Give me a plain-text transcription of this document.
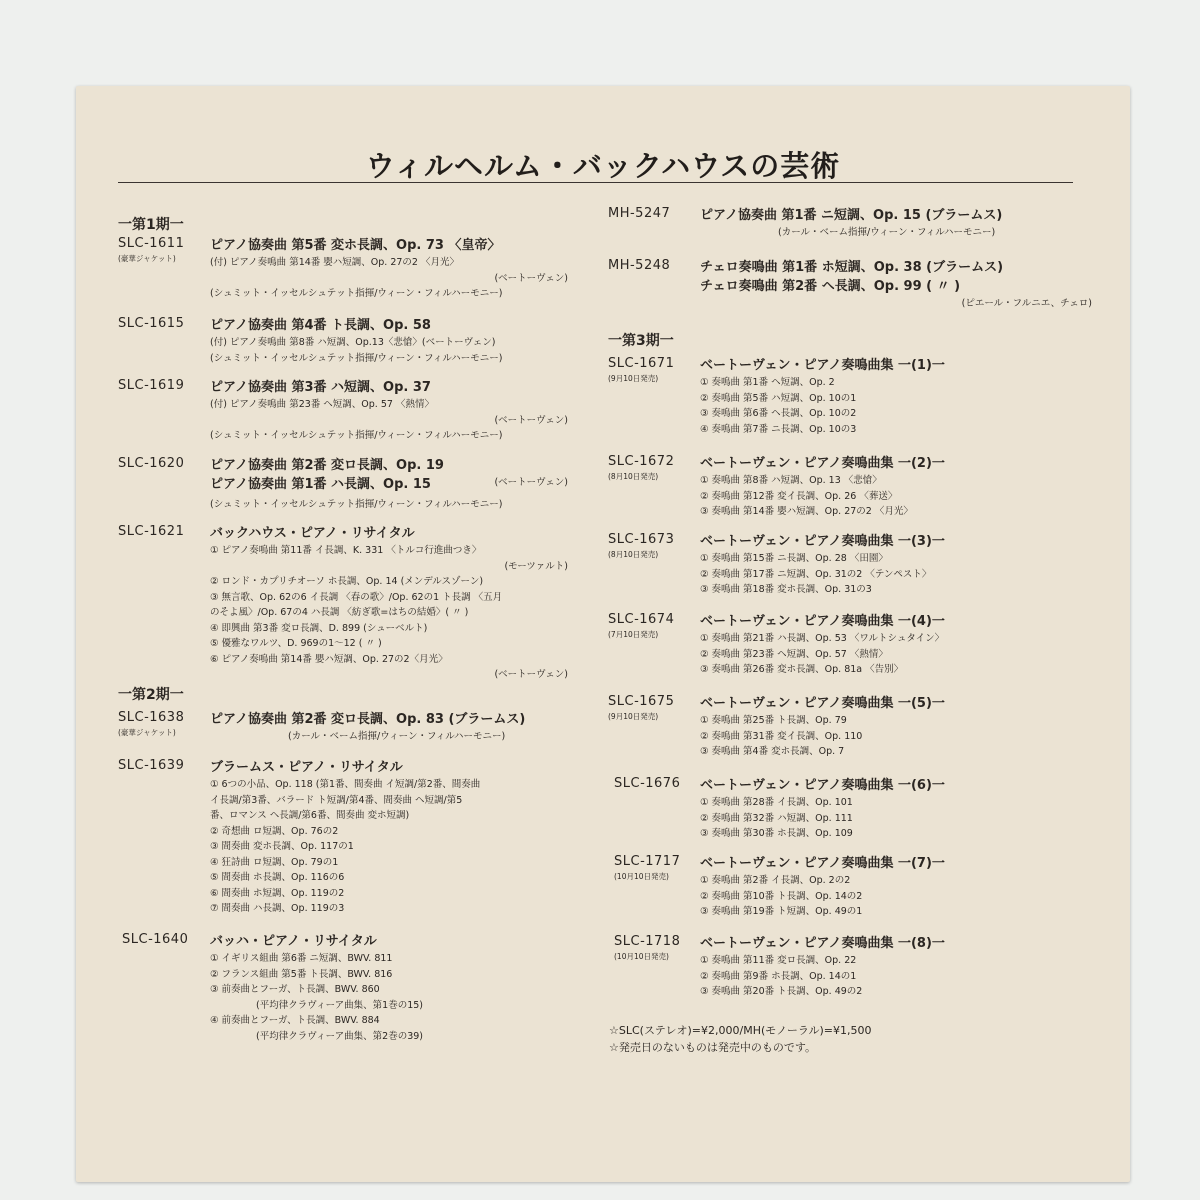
ウィルヘルム・バックハウスの芸術
一第1期一
SLC-1611
(豪華ジャケット)
ピアノ協奏曲 第5番 変ホ長調、Op. 73 〈皇帝〉
(付) ピアノ奏鳴曲 第14番 嬰ハ短調、Op. 27の2 〈月光〉
(ベートーヴェン)
(シュミット・イッセルシュテット指揮/ウィーン・フィルハーモニー)
SLC-1615 ピアノ協奏曲 第4番 ト長調、Op. 58
(付) ピアノ奏鳴曲 第8番 ハ短調、Op.13〈悲愴〉(ベートーヴェン)
(シュミット・イッセルシュテット指揮/ウィーン・フィルハーモニー)
SLC-1619 ピアノ協奏曲 第3番 ハ短調、Op. 37
(付) ピアノ奏鳴曲 第23番 ヘ短調、Op. 57 〈熱情〉
(ベートーヴェン)
(シュミット・イッセルシュテット指揮/ウィーン・フィルハーモニー)
SLC-1620 ピアノ協奏曲 第2番 変ロ長調、Op. 19
ピアノ協奏曲 第1番 ハ長調、Op. 15	(ベートーヴェン)
(シュミット・イッセルシュテット指揮/ウィーン・フィルハーモニー)
SLC-1621 バックハウス・ピアノ・リサイタル
① ピアノ奏鳴曲 第11番 イ長調、K. 331 〈トルコ行進曲つき〉
(モーツァルト)
② ロンド・カプリチオーソ ホ長調、Op. 14 (メンデルスゾーン)
③ 無言歌、Op. 62の6 イ長調 〈春の歌〉/Op. 62の1 ト長調 〈五月
のそよ風〉/Op. 67の4 ハ長調 〈紡ぎ歌=はちの結婚〉( 〃 )
④ 即興曲 第3番 変ロ長調、D. 899 (シューベルト)
⑤ 優雅なワルツ、D. 969の1〜12 ( 〃 )
⑥ ピアノ奏鳴曲 第14番 嬰ハ短調、Op. 27の2〈月光〉
(ベートーヴェン)
一第2期一
SLC-1638
(豪華ジャケット)
ピアノ協奏曲 第2番 変ロ長調、Op. 83 (ブラームス)
(カール・ベーム指揮/ウィーン・フィルハーモニー)
SLC-1639 ブラームス・ピアノ・リサイタル
① 6つの小品、Op. 118 (第1番、間奏曲 イ短調/第2番、間奏曲
イ長調/第3番、バラード ト短調/第4番、間奏曲 ヘ短調/第5
番、ロマンス ヘ長調/第6番、間奏曲 変ホ短調)
② 奇想曲 ロ短調、Op. 76の2
③ 間奏曲 変ホ長調、Op. 117の1
④ 狂詩曲 ロ短調、Op. 79の1
⑤ 間奏曲 ホ長調、Op. 116の6
⑥ 間奏曲 ホ短調、Op. 119の2
⑦ 間奏曲 ハ長調、Op. 119の3
SLC-1640 バッハ・ピアノ・リサイタル
① イギリス組曲 第6番 ニ短調、BWV. 811
② フランス組曲 第5番 ト長調、BWV. 816
③ 前奏曲とフーガ、ト長調、BWV. 860
(平均律クラヴィーア曲集、第1巻の15)
④ 前奏曲とフーガ、ト長調、BWV. 884
(平均律クラヴィーア曲集、第2巻の39)
MH-5247 ピアノ協奏曲 第1番 ニ短調、Op. 15 (ブラームス)
(カール・ベーム指揮/ウィーン・フィルハーモニー)
MH-5248 チェロ奏鳴曲 第1番 ホ短調、Op. 38 (ブラームス)
チェロ奏鳴曲 第2番 ヘ長調、Op. 99 ( 〃 )
(ピエール・フルニエ、チェロ)
一第3期一
SLC-1671
(9月10日発売)
ベートーヴェン・ピアノ奏鳴曲集 一(1)一
① 奏鳴曲 第1番 ヘ短調、Op. 2
② 奏鳴曲 第5番 ハ短調、Op. 10の1
③ 奏鳴曲 第6番 ヘ長調、Op. 10の2
④ 奏鳴曲 第7番 ニ長調、Op. 10の3
SLC-1672
(8月10日発売)
ベートーヴェン・ピアノ奏鳴曲集 一(2)一
① 奏鳴曲 第8番 ハ短調、Op. 13 〈悲愴〉
② 奏鳴曲 第12番 変イ長調、Op. 26 〈葬送〉
③ 奏鳴曲 第14番 嬰ハ短調、Op. 27の2 〈月光〉
SLC-1673
(8月10日発売)
ベートーヴェン・ピアノ奏鳴曲集 一(3)一
① 奏鳴曲 第15番 ニ長調、Op. 28 〈田園〉
② 奏鳴曲 第17番 ニ短調、Op. 31の2 〈テンペスト〉
③ 奏鳴曲 第18番 変ホ長調、Op. 31の3
SLC-1674
(7月10日発売)
ベートーヴェン・ピアノ奏鳴曲集 一(4)一
① 奏鳴曲 第21番 ハ長調、Op. 53 〈ワルトシュタイン〉
② 奏鳴曲 第23番 ヘ短調、Op. 57 〈熱情〉
③ 奏鳴曲 第26番 変ホ長調、Op. 81a 〈告別〉
SLC-1675
(9月10日発売)
ベートーヴェン・ピアノ奏鳴曲集 一(5)一
① 奏鳴曲 第25番 ト長調、Op. 79
② 奏鳴曲 第31番 変イ長調、Op. 110
③ 奏鳴曲 第4番 変ホ長調、Op. 7
SLC-1676 ベートーヴェン・ピアノ奏鳴曲集 一(6)一
① 奏鳴曲 第28番 イ長調、Op. 101
② 奏鳴曲 第32番 ハ短調、Op. 111
③ 奏鳴曲 第30番 ホ長調、Op. 109
SLC-1717
(10月10日発売)
ベートーヴェン・ピアノ奏鳴曲集 一(7)一
① 奏鳴曲 第2番 イ長調、Op. 2の2
② 奏鳴曲 第10番 ト長調、Op. 14の2
③ 奏鳴曲 第19番 ト短調、Op. 49の1
SLC-1718
(10月10日発売)
ベートーヴェン・ピアノ奏鳴曲集 一(8)一
① 奏鳴曲 第11番 変ロ長調、Op. 22
② 奏鳴曲 第9番 ホ長調、Op. 14の1
③ 奏鳴曲 第20番 ト長調、Op. 49の2
☆SLC(ステレオ)=¥2,000/MH(モノーラル)=¥1,500
☆発売日のないものは発売中のものです。
